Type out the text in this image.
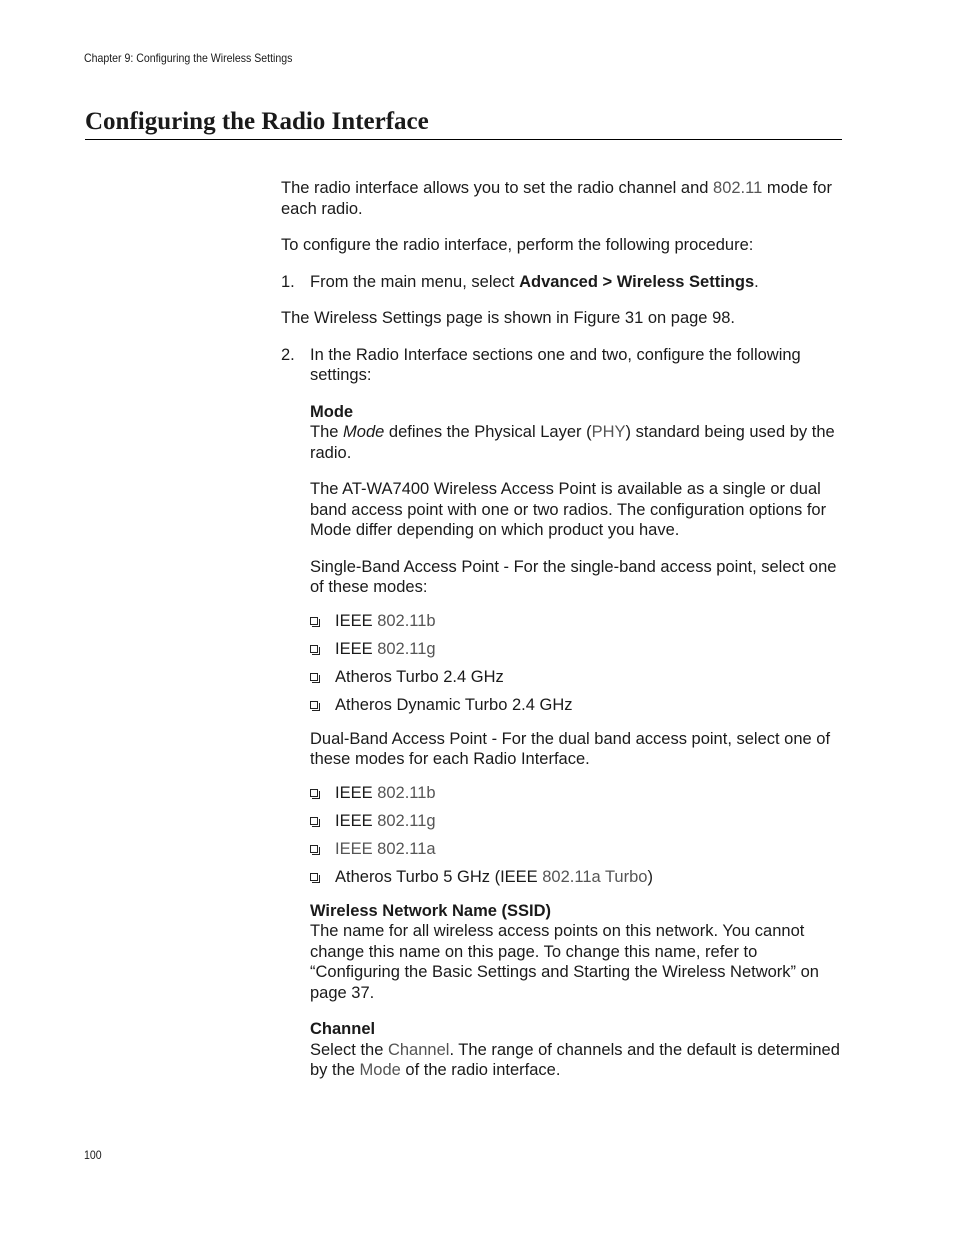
Chapter 9: Configuring the Wireless Settings
Configuring the Radio Interface

The radio interface allows you to set the radio channel and 802.11 mode for each radio.

To configure the radio interface, perform the following procedure:

1. From the main menu, select Advanced > Wireless Settings.

The Wireless Settings page is shown in Figure 31 on page 98.

2. In the Radio Interface sections one and two, configure the following settings:

Mode

The Mode defines the Physical Layer (PHY) standard being used by the radio.

The AT-WA7400 Wireless Access Point is available as a single or dual band access point with one or two radios. The configuration options for Mode differ depending on which product you have.

Single-Band Access Point - For the single-band access point, select one of these modes:

IEEE 802.11b
IEEE 802.11g
Atheros Turbo 2.4 GHz
Atheros Dynamic Turbo 2.4 GHz

Dual-Band Access Point - For the dual band access point, select one of these modes for each Radio Interface.

IEEE 802.11b
IEEE 802.11g
IEEE 802.11a
Atheros Turbo 5 GHz (IEEE 802.11a Turbo)

Wireless Network Name (SSID)

The name for all wireless access points on this network. You cannot change this name on this page. To change this name, refer to “Configuring the Basic Settings and Starting the Wireless Network” on page 37.

Channel

Select the Channel. The range of channels and the default is determined by the Mode of the radio interface.

100
